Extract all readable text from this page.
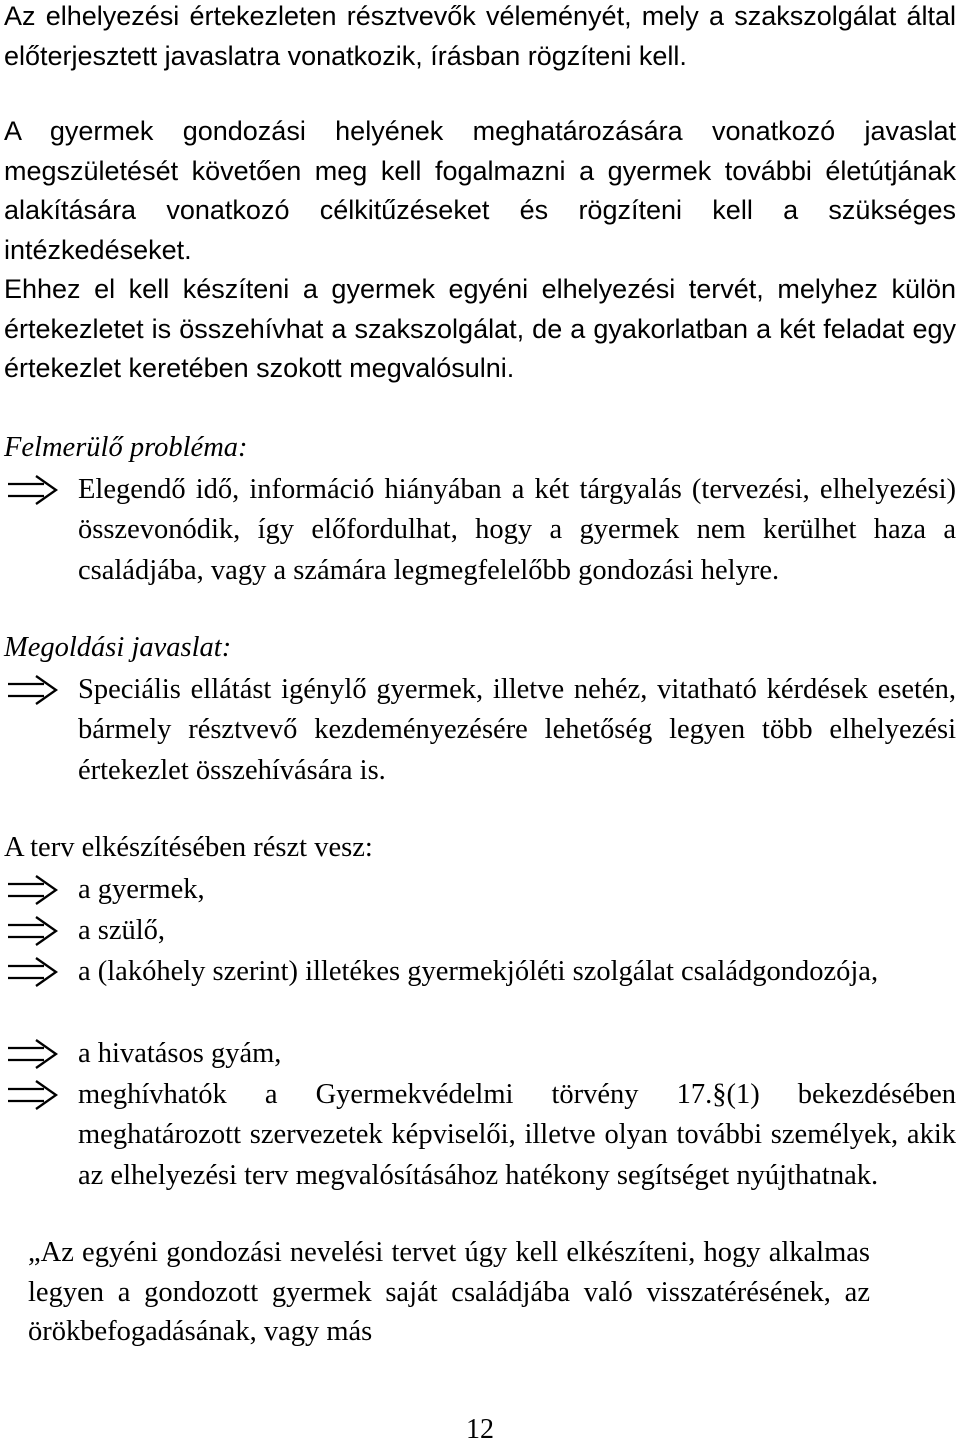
Az elhelyezési értekezleten résztvevők véleményét, mely a szakszolgálat által előterjesztett javaslatra vonatkozik, írásban rögzíteni kell.

A gyermek gondozási helyének meghatározására vonatkozó javaslat megszületését követően meg kell fogalmazni a gyermek további életútjának alakítására vonatkozó célkitűzéseket és rögzíteni kell a szükséges intézkedéseket.

Ehhez el kell készíteni a gyermek egyéni elhelyezési tervét, melyhez külön értekezletet is összehívhat a szakszolgálat, de a gyakorlatban a két feladat egy értekezlet keretében szokott megvalósulni.

Felmerülő probléma:

Elegendő idő, információ hiányában a két tárgyalás (tervezési, elhelyezési) összevonódik, így előfordulhat, hogy a gyermek nem kerülhet haza a családjába, vagy a számára legmegfelelőbb gondozási helyre.

Megoldási javaslat:

Speciális ellátást igénylő gyermek, illetve nehéz, vitatható kérdések esetén, bármely résztvevő kezdeményezésére lehetőség legyen több elhelyezési értekezlet összehívására is.

A terv elkészítésében részt vesz:

a gyermek,

a szülő,

a (lakóhely szerint) illetékes gyermekjóléti szolgálat családgondozója,

a hivatásos gyám,

meghívhatók a Gyermekvédelmi törvény 17.§(1) bekezdésében meghatározott szervezetek képviselői, illetve olyan további személyek, akik az elhelyezési terv megvalósításához hatékony segítséget nyújthatnak.

„Az egyéni gondozási nevelési tervet úgy kell elkészíteni, hogy alkalmas legyen a gondozott gyermek saját családjába való visszatérésének, az örökbefogadásának, vagy más

12
